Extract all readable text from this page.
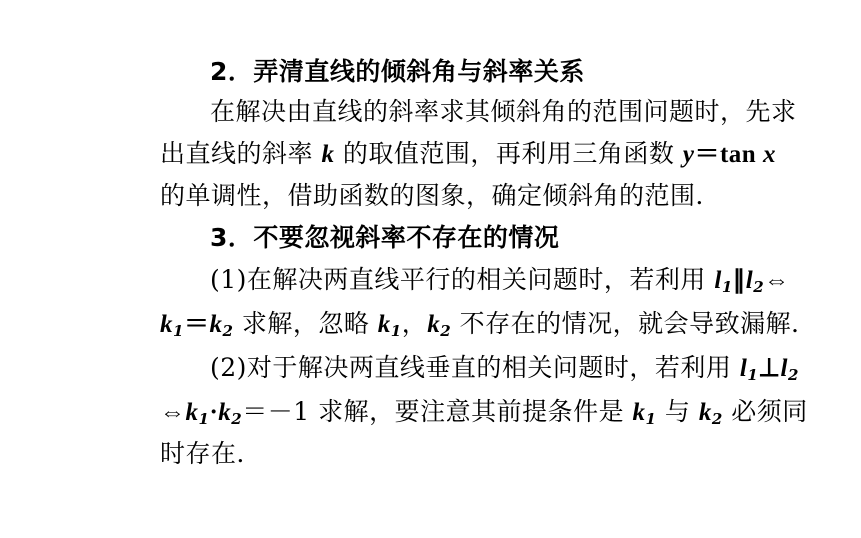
2．弄清直线的倾斜角与斜率关系
在解决由直线的斜率求其倾斜角的范围问题时，先求
出直线的斜率 k 的取值范围，再利用三角函数 y＝tan x
的单调性，借助函数的图象，确定倾斜角的范围．
3．不要忽视斜率不存在的情况
(1)在解决两直线平行的相关问题时，若利用 $l_1\parallel l_2\Leftrightarrow$
$k_1=k_2$ 求解，忽略 $k_1$，$k_2$ 不存在的情况，就会导致漏解．
(2)对于解决两直线垂直的相关问题时，若利用 $l_1\perp l_2$
$\Leftrightarrow k_1\cdot k_2=-1$ 求解，要注意其前提条件是 $k_1$ 与 $k_2$ 必须同
时存在．
